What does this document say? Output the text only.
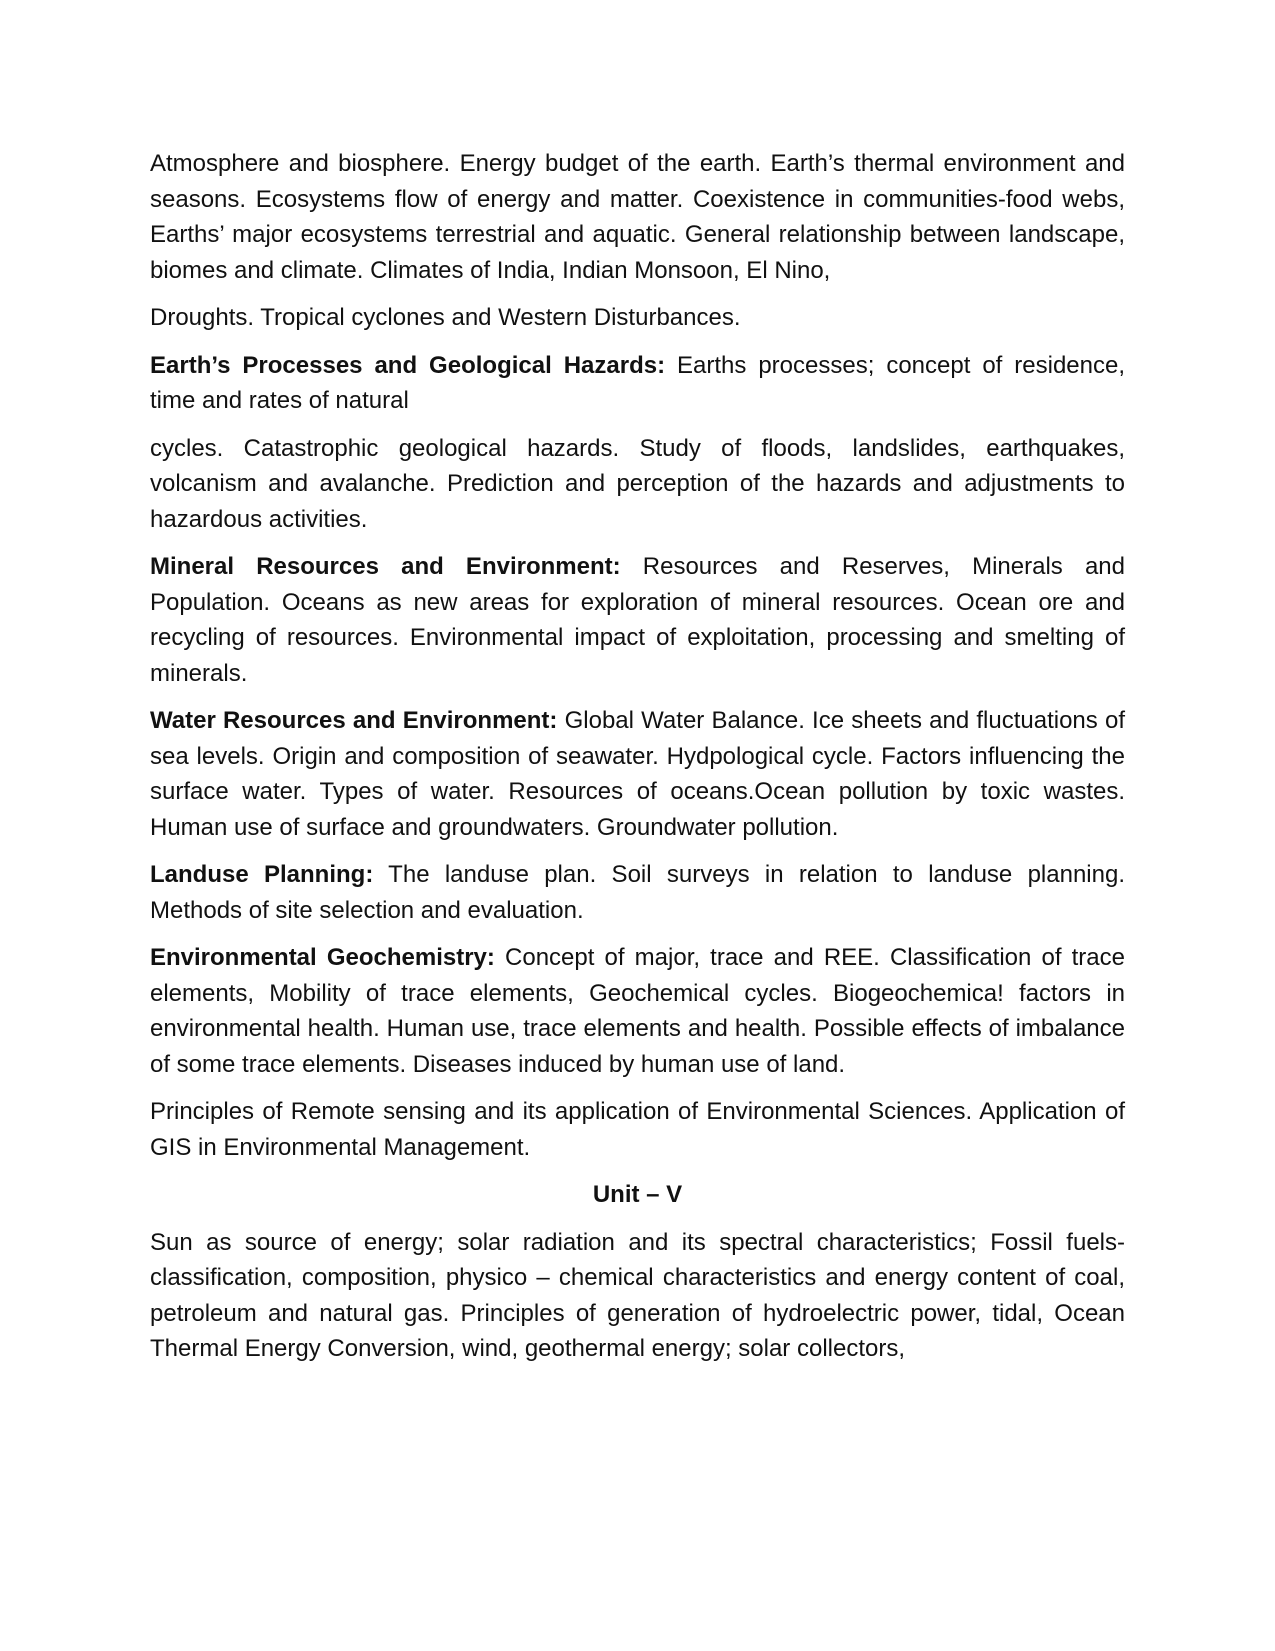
Atmosphere and biosphere. Energy budget of the earth. Earth’s thermal environment and seasons. Ecosystems flow of energy and matter. Coexistence in communities-food webs, Earths’ major ecosystems terrestrial and aquatic. General relationship between landscape, biomes and climate. Climates of India, Indian Monsoon, El Nino,

Droughts. Tropical cyclones and Western Disturbances.

Earth’s Processes and Geological Hazards: Earths processes; concept of residence, time and rates of natural

cycles. Catastrophic geological hazards. Study of floods, landslides, earthquakes, volcanism and avalanche. Prediction and perception of the hazards and adjustments to hazardous activities.

Mineral Resources and Environment: Resources and Reserves, Minerals and Population. Oceans as new areas for exploration of mineral resources. Ocean ore and recycling of resources. Environmental impact of exploitation, processing and smelting of minerals.

Water Resources and Environment: Global Water Balance. Ice sheets and fluctuations of sea levels. Origin and composition of seawater. Hydpological cycle. Factors influencing the surface water. Types of water. Resources of oceans.Ocean pollution by toxic wastes. Human use of surface and groundwaters. Groundwater pollution.

Landuse Planning: The landuse plan. Soil surveys in relation to landuse planning. Methods of site selection and evaluation.

Environmental Geochemistry: Concept of major, trace and REE. Classification of trace elements, Mobility of trace elements, Geochemical cycles. Biogeochemica! factors in environmental health. Human use, trace elements and health. Possible effects of imbalance of some trace elements. Diseases induced by human use of land.

Principles of Remote sensing and its application of Environmental Sciences. Application of GIS in Environmental Management.

Unit – V

Sun as source of energy; solar radiation and its spectral characteristics; Fossil fuels-classification, composition, physico – chemical characteristics and energy content of coal, petroleum and natural gas. Principles of generation of hydroelectric power, tidal, Ocean Thermal Energy Conversion, wind, geothermal energy; solar collectors,
